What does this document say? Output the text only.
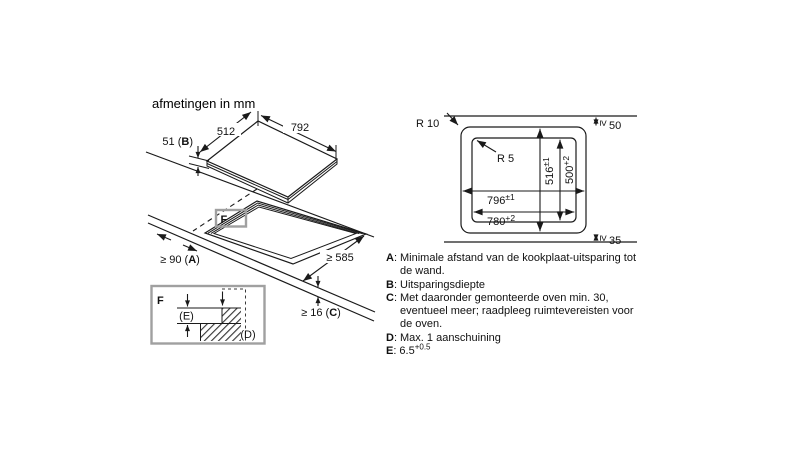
512	792
51 (B)
F
≥ 90 (A)	≥ 585
≥ 16 (C)
F
(E)
(D)
R 10
R 5
$516^{\pm 1}$
$500^{+2}$
$796^{\pm 1}$
$780^{+2}$
≥ 50
≥ 35
afmetingen in mm
A: Minimale afstand van de kookplaat-uitsparing tot de wand.
B: Uitsparingsdiepte
C: Met daaronder gemonteerde oven min. 30, eventueel meer; raadpleeg ruimtevereisten voor de oven.
D: Max. 1 aanschuining
E: $6.5^{+0.5}$
